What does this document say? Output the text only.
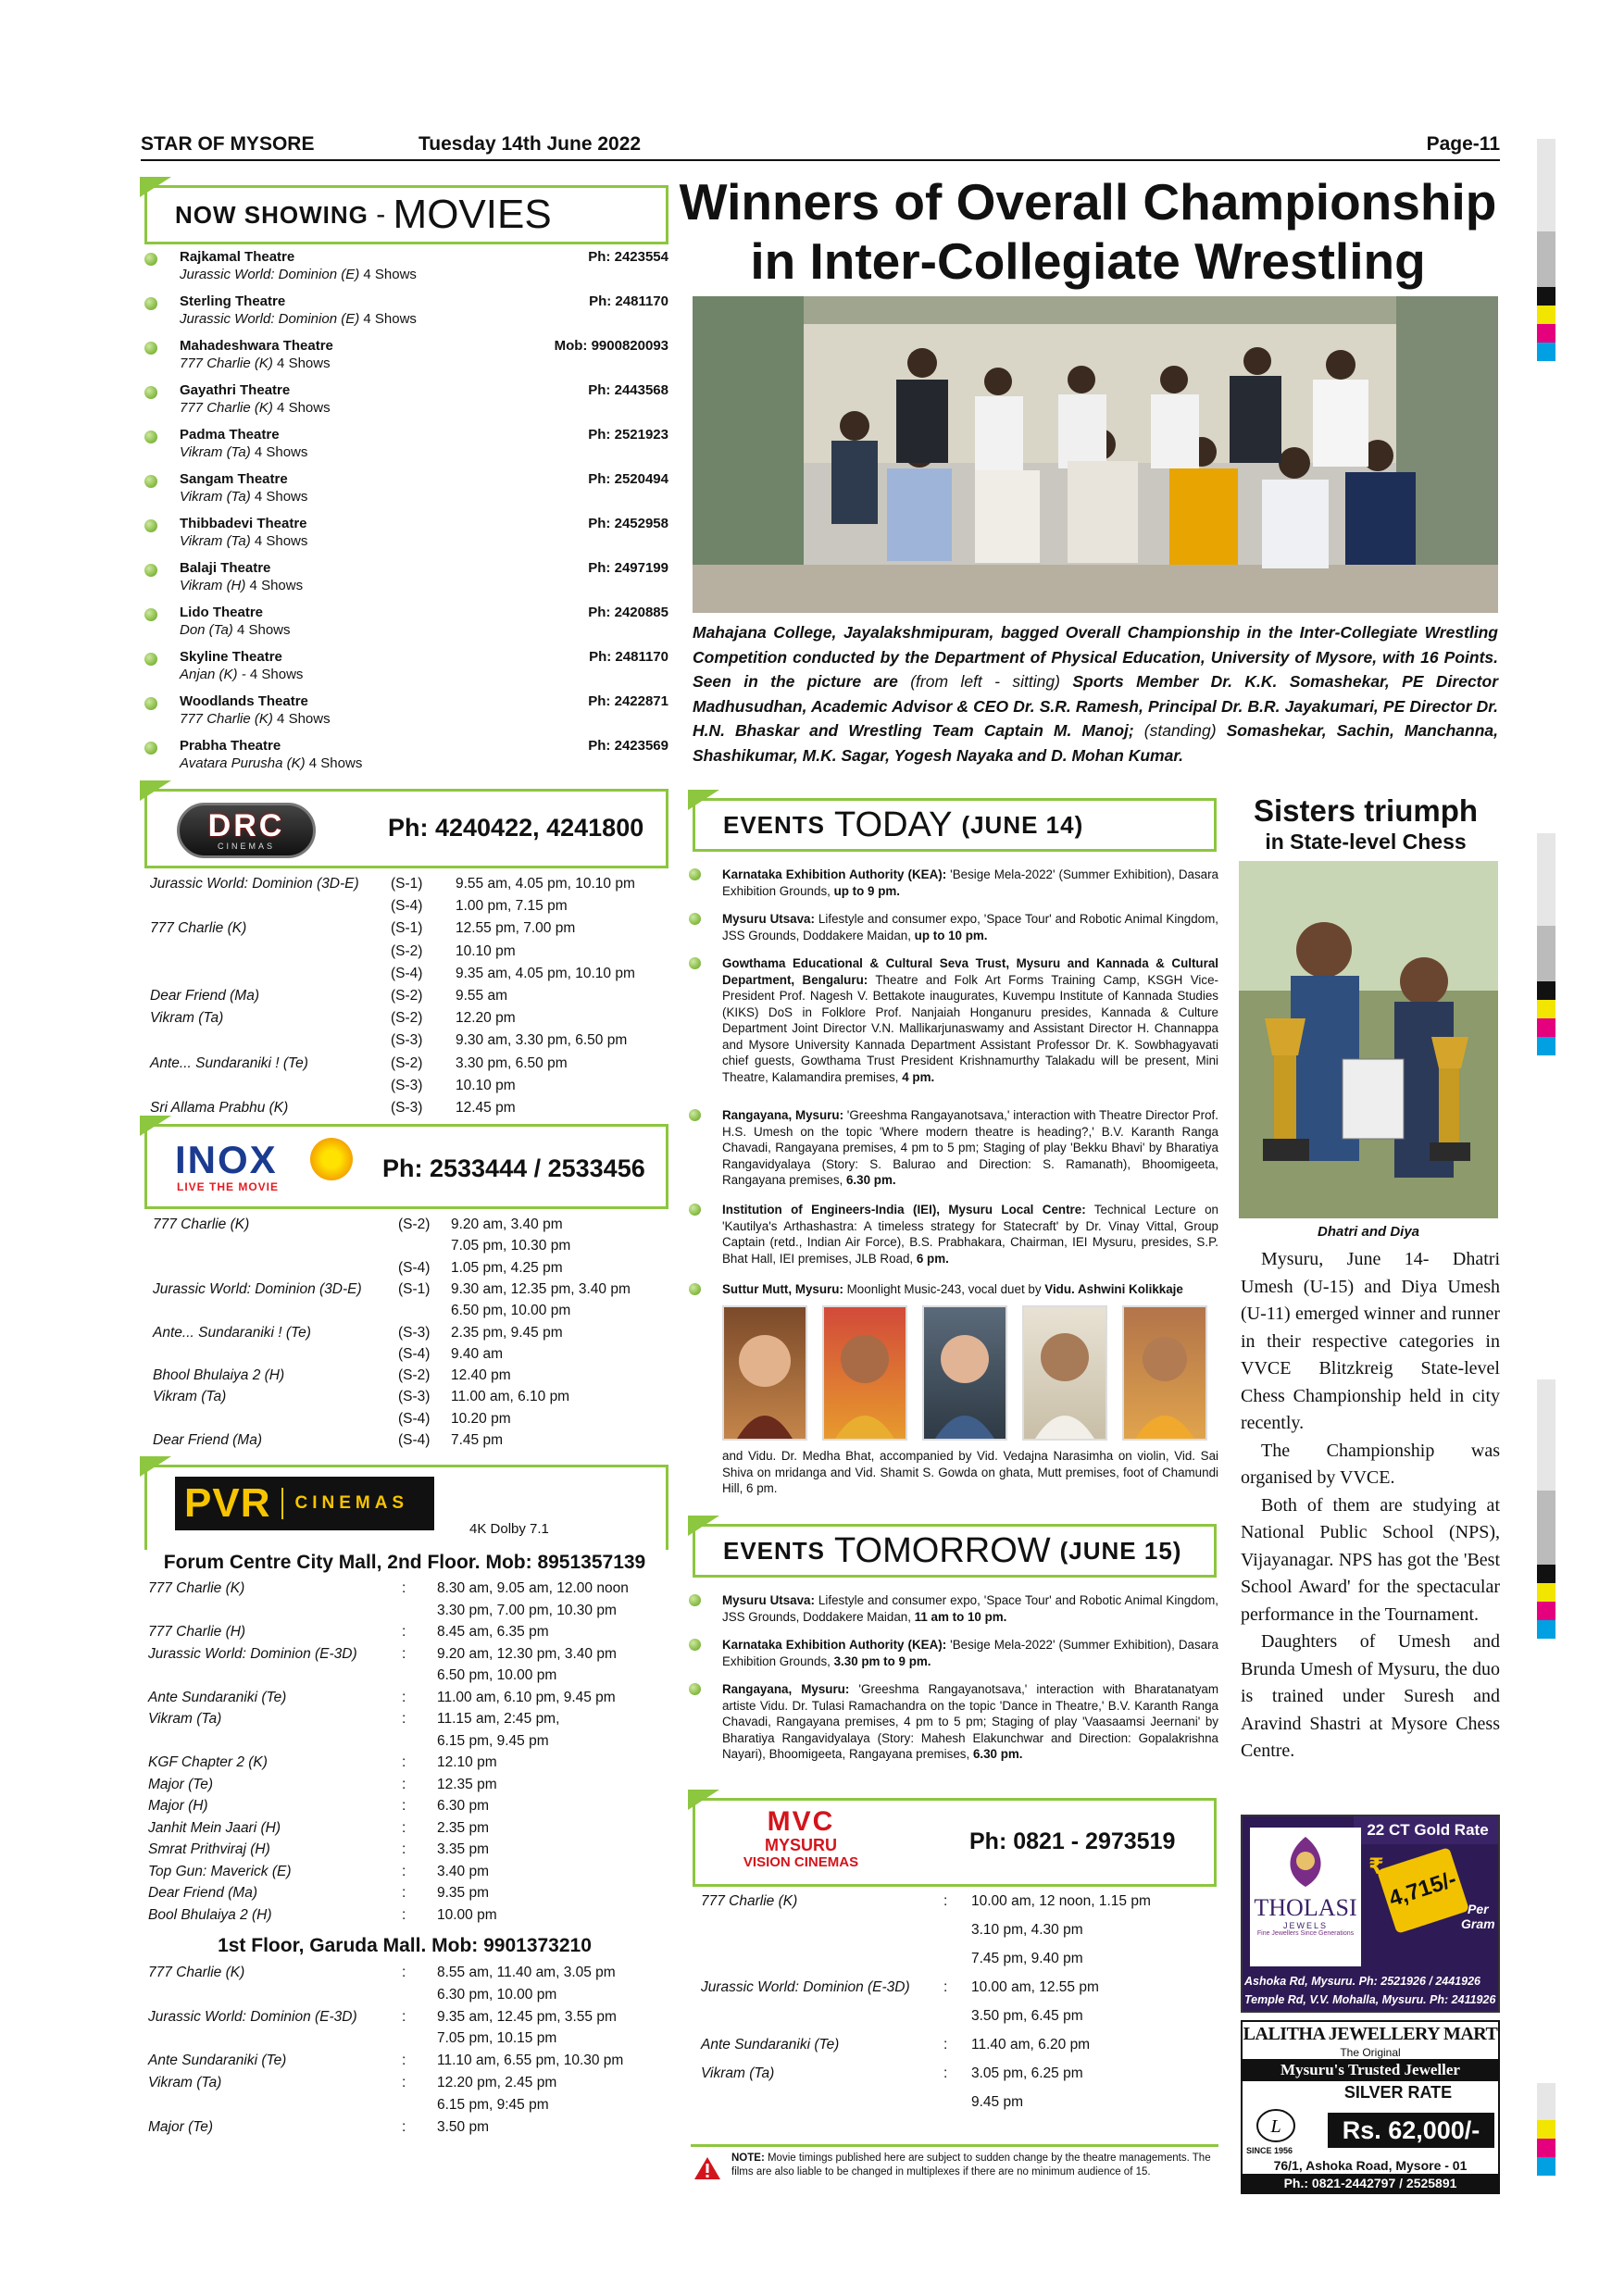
STAR OF MYSORE	Tuesday 14th June 2022	Page-11
NOW SHOWING - MOVIES
Rajkamal Theatre	Ph: 2423554
Jurassic World: Dominion (E) 4 Shows
Sterling Theatre	Ph: 2481170
Jurassic World: Dominion (E) 4 Shows
Mahadeshwara Theatre	Mob: 9900820093
777 Charlie (K) 4 Shows
Gayathri Theatre	Ph: 2443568
777 Charlie (K) 4 Shows
Padma Theatre	Ph: 2521923
Vikram (Ta) 4 Shows
Sangam Theatre	Ph: 2520494
Vikram (Ta) 4 Shows
Thibbadevi Theatre	Ph: 2452958
Vikram (Ta) 4 Shows
Balaji Theatre	Ph: 2497199
Vikram (H) 4 Shows
Lido Theatre	Ph: 2420885
Don (Ta) 4 Shows
Skyline Theatre	Ph: 2481170
Anjan (K) - 4 Shows
Woodlands Theatre	Ph: 2422871
777 Charlie (K) 4 Shows
Prabha Theatre	Ph: 2423569
Avatara Purusha (K) 4 Shows
DRC
CINEMAS
Ph: 4240422, 4241800
Jurassic World: Dominion (3D-E) (S-1) 9.55 am, 4.05 pm, 10.10 pm
(S-4) 1.00 pm, 7.15 pm
777 Charlie (K)	(S-1) 12.55 pm, 7.00 pm
(S-2) 10.10 pm
(S-4) 9.35 am, 4.05 pm, 10.10 pm
Dear Friend (Ma)	(S-2) 9.55 am
Vikram (Ta)	(S-2) 12.20 pm
(S-3) 9.30 am, 3.30 pm, 6.50 pm
Ante... Sundaraniki ! (Te)	(S-2) 3.30 pm, 6.50 pm
(S-3) 10.10 pm
Sri Allama Prabhu (K)	(S-3) 12.45 pm
INOX
LIVE THE MOVIE
Ph: 2533444 / 2533456
777 Charlie (K)	(S-2) 9.20 am, 3.40 pm
7.05 pm, 10.30 pm
(S-4) 1.05 pm, 4.25 pm
Jurassic World: Dominion (3D-E)	(S-1) 9.30 am, 12.35 pm, 3.40 pm
6.50 pm, 10.00 pm
Ante... Sundaraniki ! (Te)	(S-3) 2.35 pm, 9.45 pm
(S-4) 9.40 am
Bhool Bhulaiya 2 (H)	(S-2) 12.40 pm
Vikram (Ta)	(S-3) 11.00 am, 6.10 pm
(S-4) 10.20 pm
Dear Friend (Ma)	(S-4) 7.45 pm
PVR CINEMAS
4K Dolby 7.1
Forum Centre City Mall, 2nd Floor. Mob: 8951357139
777 Charlie (K)	: 8.30 am, 9.05 am, 12.00 noon
3.30 pm, 7.00 pm, 10.30 pm
777 Charlie (H)	: 8.45 am, 6.35 pm
Jurassic World: Dominion (E-3D)	: 9.20 am, 12.30 pm, 3.40 pm
6.50 pm, 10.00 pm
Ante Sundaraniki (Te)	: 11.00 am, 6.10 pm, 9.45 pm
Vikram (Ta)	: 11.15 am, 2:45 pm,
6.15 pm, 9.45 pm
KGF Chapter 2 (K)	: 12.10 pm
Major (Te)	: 12.35 pm
Major (H)	: 6.30 pm
Janhit Mein Jaari (H)	: 2.35 pm
Smrat Prithviraj (H)	: 3.35 pm
Top Gun: Maverick (E)	: 3.40 pm
Dear Friend (Ma)	: 9.35 pm
Bool Bhulaiya 2 (H)	: 10.00 pm
1st Floor, Garuda Mall. Mob: 9901373210
777 Charlie (K)	: 8.55 am, 11.40 am, 3.05 pm
6.30 pm, 10.00 pm
Jurassic World: Dominion (E-3D)	: 9.35 am, 12.45 pm, 3.55 pm
7.05 pm, 10.15 pm
Ante Sundaraniki (Te)	: 11.10 am, 6.55 pm, 10.30 pm
Vikram (Ta)	: 12.20 pm, 2.45 pm
6.15 pm, 9:45 pm
Major (Te)	: 3.50 pm
Winners of Overall Championship
in Inter-Collegiate Wrestling
Mahajana College, Jayalakshmipuram, bagged Overall Championship in the Inter-Collegiate Wrestling Competition conducted by the Department of Physical Education, University of Mysore, with 16 Points. Seen in the picture are (from left - sitting) Sports Member Dr. K.K. Somashekar, PE Director Madhusudhan, Academic Advisor & CEO Dr. S.R. Ramesh, Principal Dr. B.R. Jayakumari, PE Director Dr. H.N. Bhaskar and Wrestling Team Captain M. Manoj; (standing) Somashekar, Sachin, Manchanna, Shashikumar, M.K. Sagar, Yogesh Nayaka and D. Mohan Kumar.
EVENTS TODAY (JUNE 14)
Karnataka Exhibition Authority (KEA): 'Besige Mela-2022' (Summer Exhibition), Dasara Exhibition Grounds, up to 9 pm.
Mysuru Utsava: Lifestyle and consumer expo, 'Space Tour' and Robotic Animal Kingdom, JSS Grounds, Doddakere Maidan, up to 10 pm.
Gowthama Educational & Cultural Seva Trust, Mysuru and Kannada & Cultural Department, Bengaluru: Theatre and Folk Art Forms Training Camp, KSGH Vice-President Prof. Nagesh V. Bettakote inaugurates, Kuvempu Institute of Kannada Studies (KIKS) DoS in Folklore Prof. Nanjaiah Honganuru presides, Kannada & Culture Department Joint Director V.N. Mallikarjunaswamy and Assistant Director H. Channappa and Mysore University Kannada Department Assistant Professor Dr. K. Sowbhagyavati chief guests, Gowthama Trust President Krishnamurthy Talakadu will be present, Mini Theatre, Kalamandira premises, 4 pm.
Rangayana, Mysuru: 'Greeshma Rangayanotsava,' interaction with Theatre Director Prof. H.S. Umesh on the topic 'Where modern theatre is heading?,' B.V. Karanth Ranga Chavadi, Rangayana premises, 4 pm to 5 pm; Staging of play 'Bekku Bhavi' by Bharatiya Rangavidyalaya (Story: S. Balurao and Direction: S. Ramanath), Bhoomigeeta, Rangayana premises, 6.30 pm.
Institution of Engineers-India (IEI), Mysuru Local Centre: Technical Lecture on 'Kautilya's Arthashastra: A timeless strategy for Statecraft' by Dr. Vinay Vittal, Group Captain (retd., Indian Air Force), B.S. Prabhakara, Chairman, IEI Mysuru, presides, S.P. Bhat Hall, IEI premises, JLB Road, 6 pm.
Suttur Mutt, Mysuru: Moonlight Music-243, vocal duet by Vidu. Ashwini Kolikkaje
and Vidu. Dr. Medha Bhat, accompanied by Vid. Vedajna Narasimha on violin, Vid. Sai Shiva on mridanga and Vid. Shamit S. Gowda on ghata, Mutt premises, foot of Chamundi Hill, 6 pm.
EVENTS TOMORROW (JUNE 15)
Mysuru Utsava: Lifestyle and consumer expo, 'Space Tour' and Robotic Animal Kingdom, JSS Grounds, Doddakere Maidan, 11 am to 10 pm.
Karnataka Exhibition Authority (KEA): 'Besige Mela-2022' (Summer Exhibition), Dasara Exhibition Grounds, 3.30 pm to 9 pm.
Rangayana, Mysuru: 'Greeshma Rangayanotsava,' interaction with Bharatanatyam artiste Vidu. Dr. Tulasi Ramachandra on the topic 'Dance in Theatre,' B.V. Karanth Ranga Chavadi, Rangayana premises, 4 pm to 5 pm; Staging of play 'Vaasaamsi Jeernani' by Bharatiya Rangavidyalaya (Story: Mahesh Elakunchwar and Direction: Gopalakrishna Nayari), Bhoomigeeta, Rangayana premises, 6.30 pm.
MVC
MYSURU
VISION CINEMAS
Ph: 0821 - 2973519
777 Charlie (K)	: 10.00 am, 12 noon, 1.15 pm
3.10 pm, 4.30 pm
7.45 pm, 9.40 pm
Jurassic World: Dominion (E-3D) : 10.00 am, 12.55 pm
3.50 pm, 6.45 pm
Ante Sundaraniki (Te)	: 11.40 am, 6.20 pm
Vikram (Ta)	: 3.05 pm, 6.25 pm
9.45 pm
NOTE: Movie timings published here are subject to sudden change by the theatre managements. The films are also liable to be changed in multiplexes if there are no minimum audience of 15.
Sisters triumph
in State-level Chess
Dhatri and Diya

Mysuru, June 14- Dhatri Umesh (U-15) and Diya Umesh (U-11) emerged winner and runner in their respective categories in VVCE Blitzkreig State-level Chess Championship held in city recently.

The Championship was organised by VVCE.

Both of them are studying at National Public School (NPS), Vijayanagar. NPS has got the 'Best School Award' for the spectacular performance in the Tournament.

Daughters of Umesh and Brunda Umesh of Mysuru, the duo is trained under Suresh and Aravind Shastri at Mysore Chess Centre.

22 CT Gold Rate
THOLASI
JEWELS
Fine Jewellers Since Generations
4,715/-
₹
Per
Gram
Ashoka Rd, Mysuru. Ph: 2521926 / 2441926
Temple Rd, V.V. Mohalla, Mysuru. Ph: 2411926
LALITHA JEWELLERY MART
The Original
Mysuru's Trusted Jeweller
SILVER RATE
L
SINCE 1956
Rs. 62,000/-
76/1, Ashoka Road, Mysore - 01
Ph.: 0821-2442797 / 2525891
